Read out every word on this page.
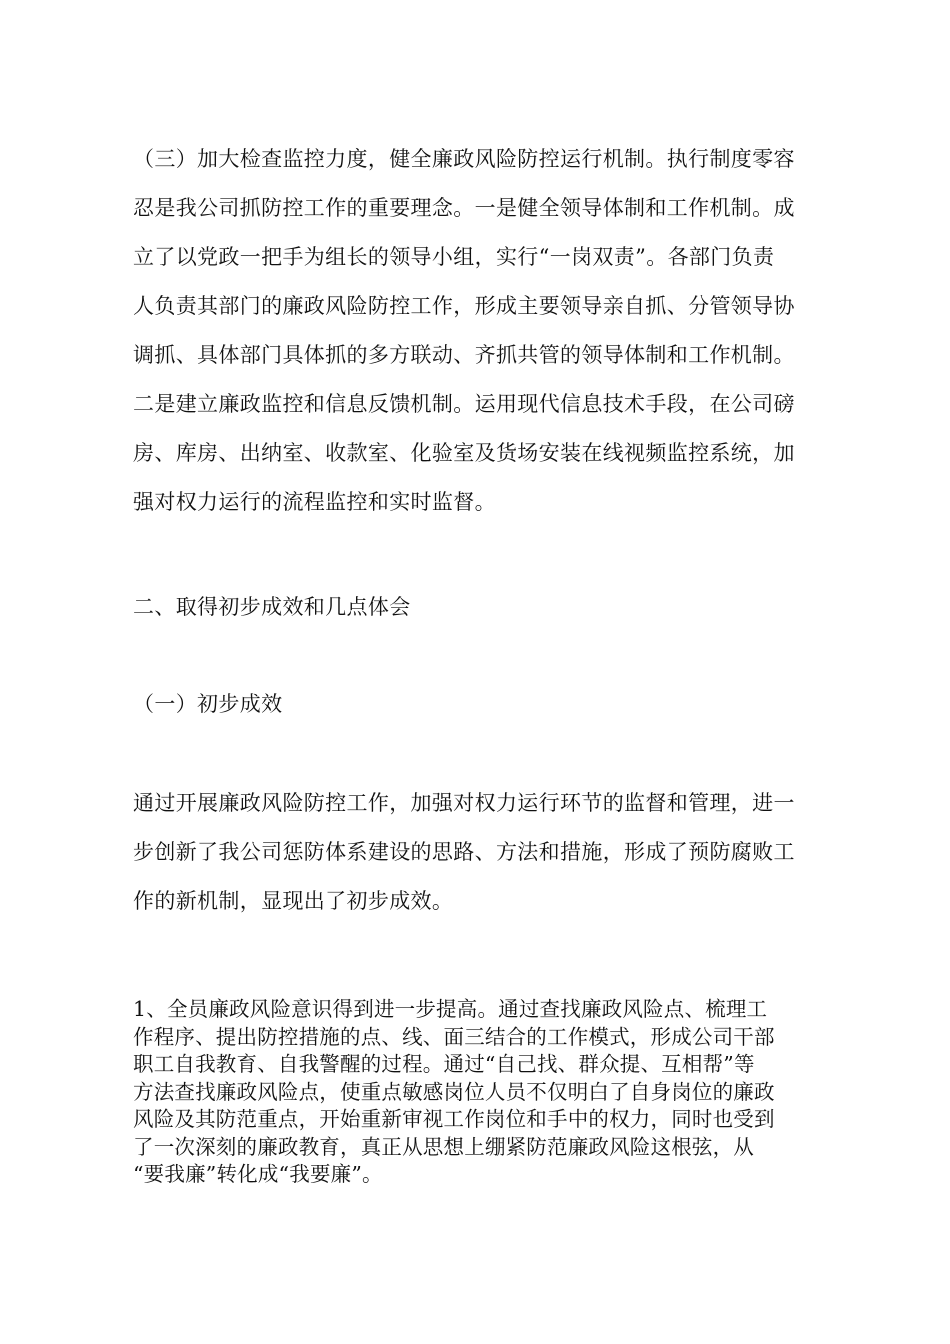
（三）加大检查监控力度，健全廉政风险防控运行机制。执行制度零容
忍是我公司抓防控工作的重要理念。一是健全领导体制和工作机制。成
立了以党政一把手为组长的领导小组，实行“一岗双责”。各部门负责
人负责其部门的廉政风险防控工作，形成主要领导亲自抓、分管领导协
调抓、具体部门具体抓的多方联动、齐抓共管的领导体制和工作机制。
二是建立廉政监控和信息反馈机制。运用现代信息技术手段，在公司磅
房、库房、出纳室、收款室、化验室及货场安装在线视频监控系统，加
强对权力运行的流程监控和实时监督。
二、取得初步成效和几点体会
（一）初步成效
通过开展廉政风险防控工作，加强对权力运行环节的监督和管理，进一
步创新了我公司惩防体系建设的思路、方法和措施，形成了预防腐败工
作的新机制，显现出了初步成效。
1、全员廉政风险意识得到进一步提高。通过查找廉政风险点、梳理工
作程序、提出防控措施的点、线、面三结合的工作模式，形成公司干部
职工自我教育、自我警醒的过程。通过“自己找、群众提、互相帮”等
方法查找廉政风险点，使重点敏感岗位人员不仅明白了自身岗位的廉政
风险及其防范重点，开始重新审视工作岗位和手中的权力，同时也受到
了一次深刻的廉政教育，真正从思想上绷紧防范廉政风险这根弦，从
“要我廉”转化成“我要廉”。
